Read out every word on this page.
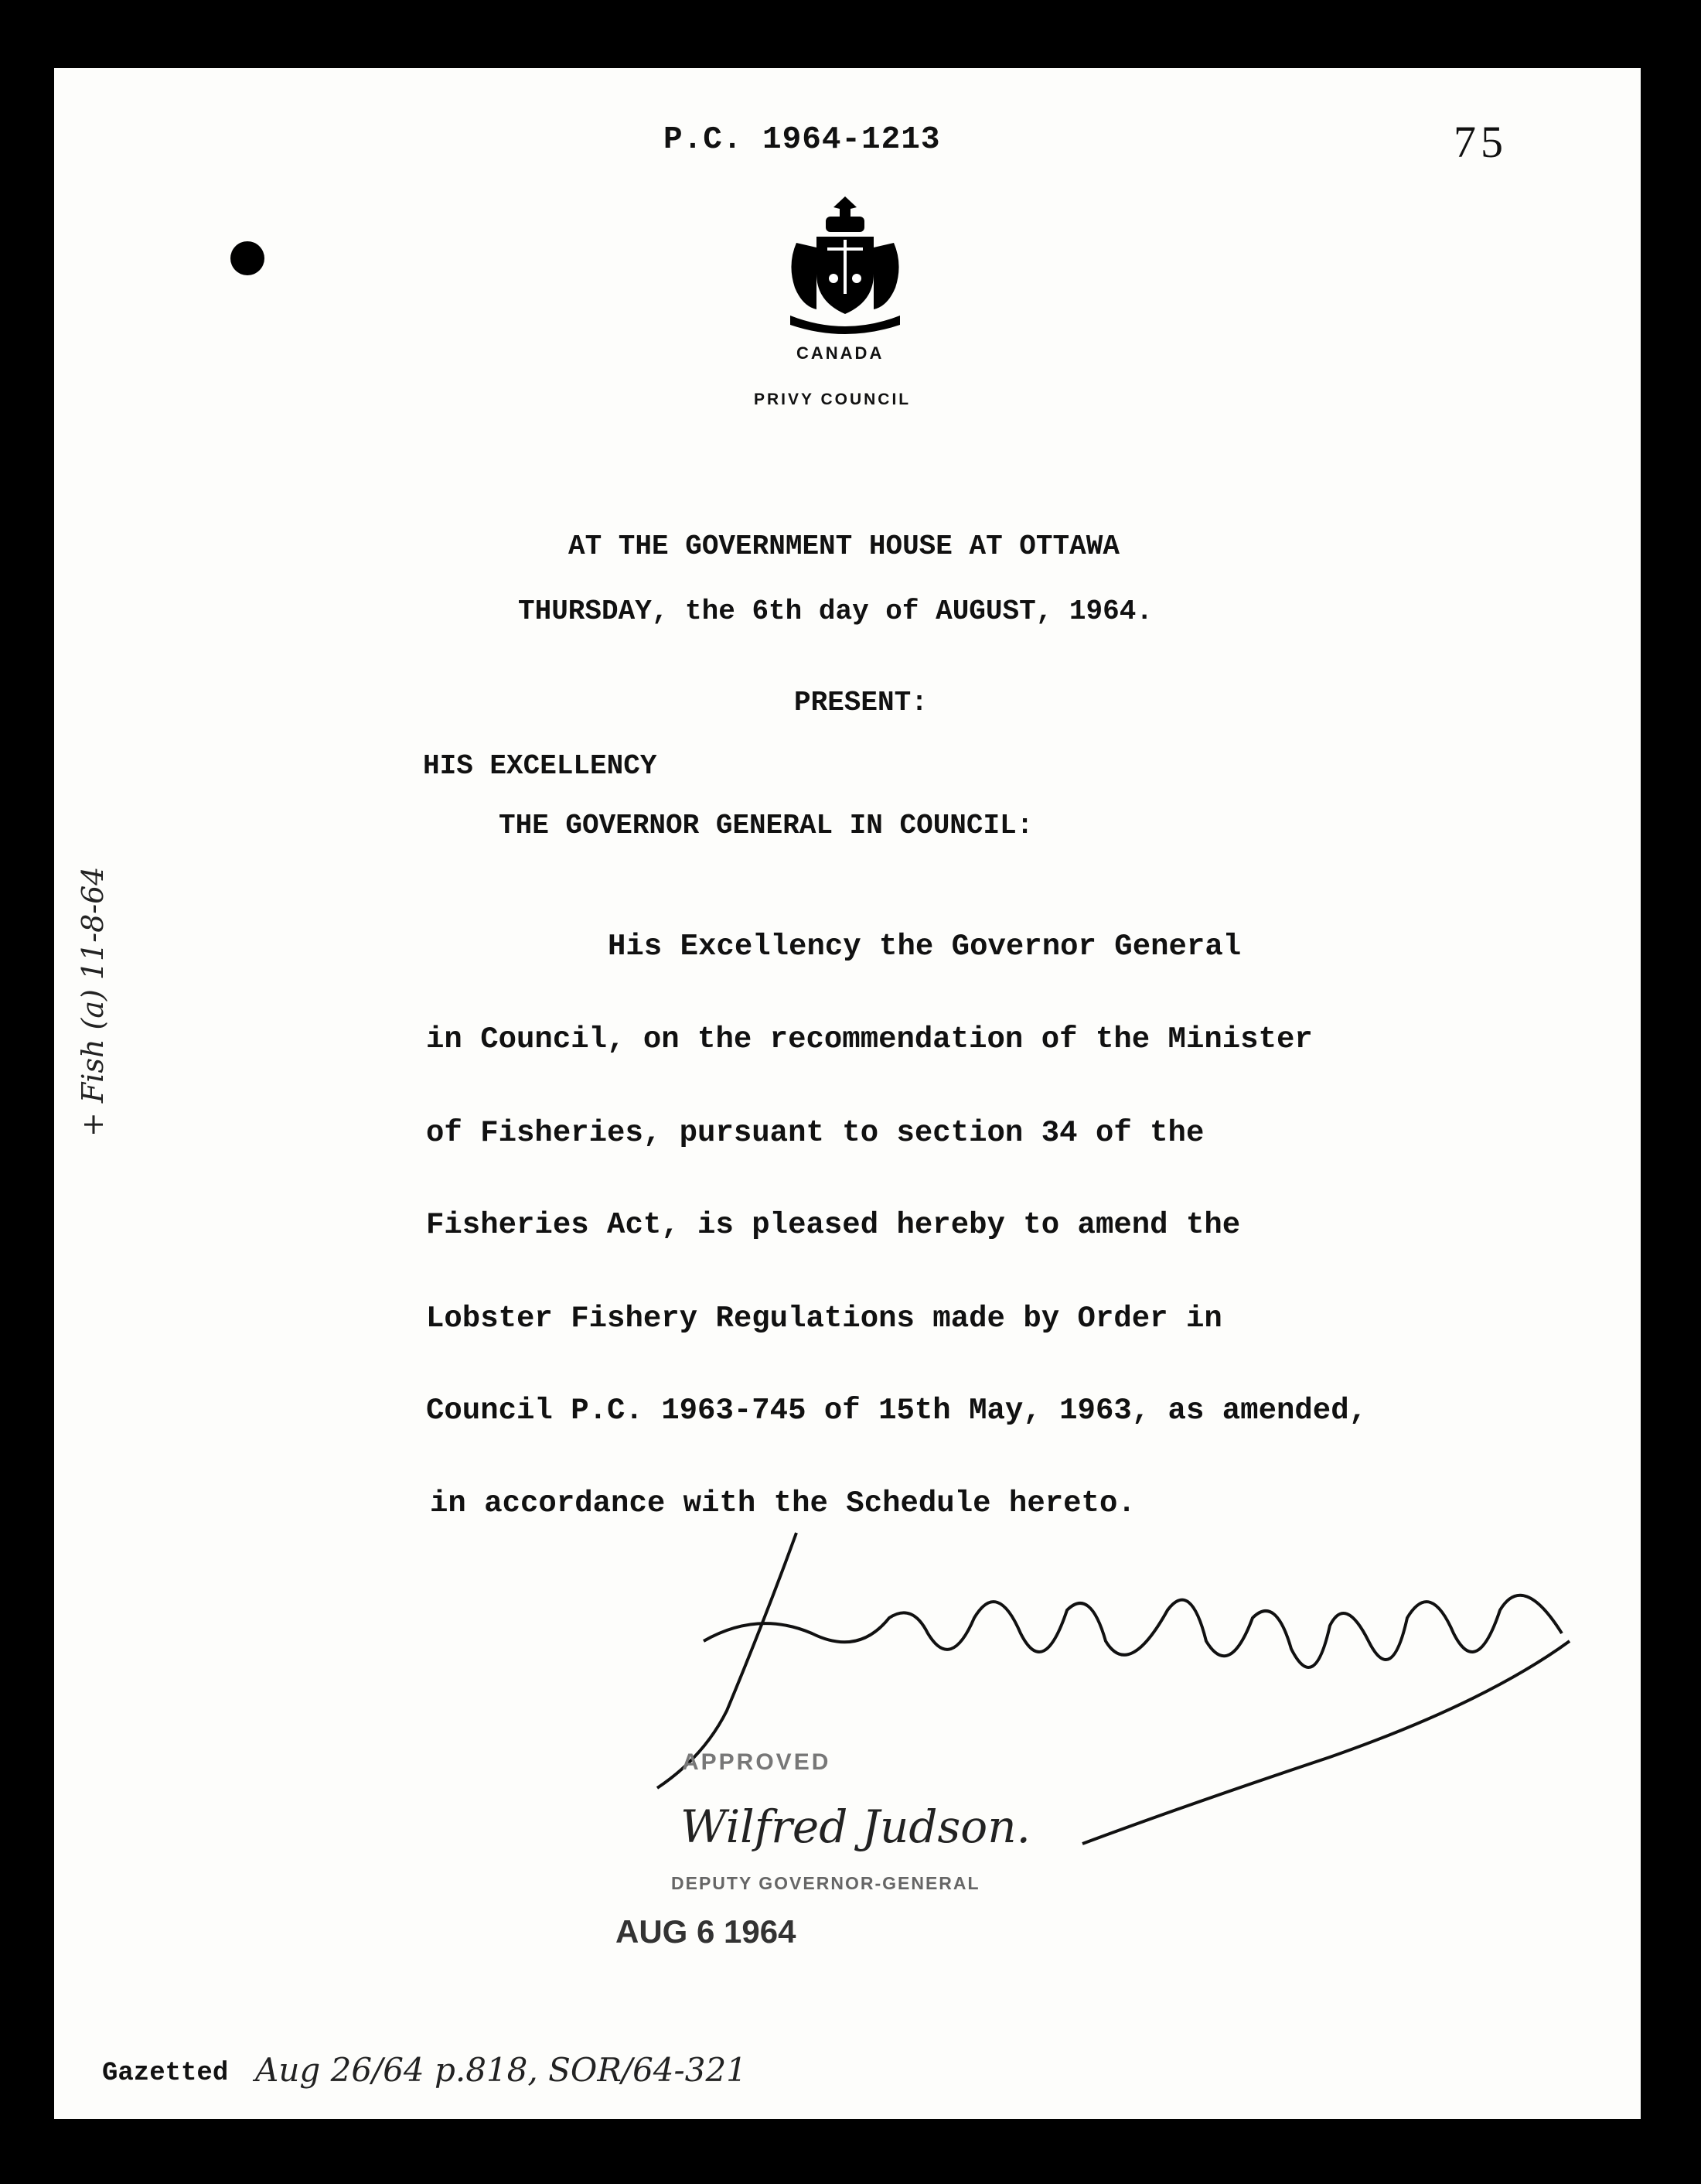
P.C. 1964-1213	75
CANADA
PRIVY COUNCIL
AT THE GOVERNMENT HOUSE AT OTTAWA
THURSDAY, the 6th day of AUGUST, 1964.
PRESENT:
HIS EXCELLENCY
THE GOVERNOR GENERAL IN COUNCIL:
His Excellency the Governor General
in Council, on the recommendation of the Minister
of Fisheries, pursuant to section 34 of the
Fisheries Act, is pleased hereby to amend the
Lobster Fishery Regulations made by Order in
Council P.C. 1963-745 of 15th May, 1963, as amended,
in accordance with the Schedule hereto.
+ Fish (a) 11-8-64
APPROVED
Wilfred Judson.
DEPUTY GOVERNOR-GENERAL
AUG 6 1964
Gazetted Aug 26/64 p.818, SOR/64-321
